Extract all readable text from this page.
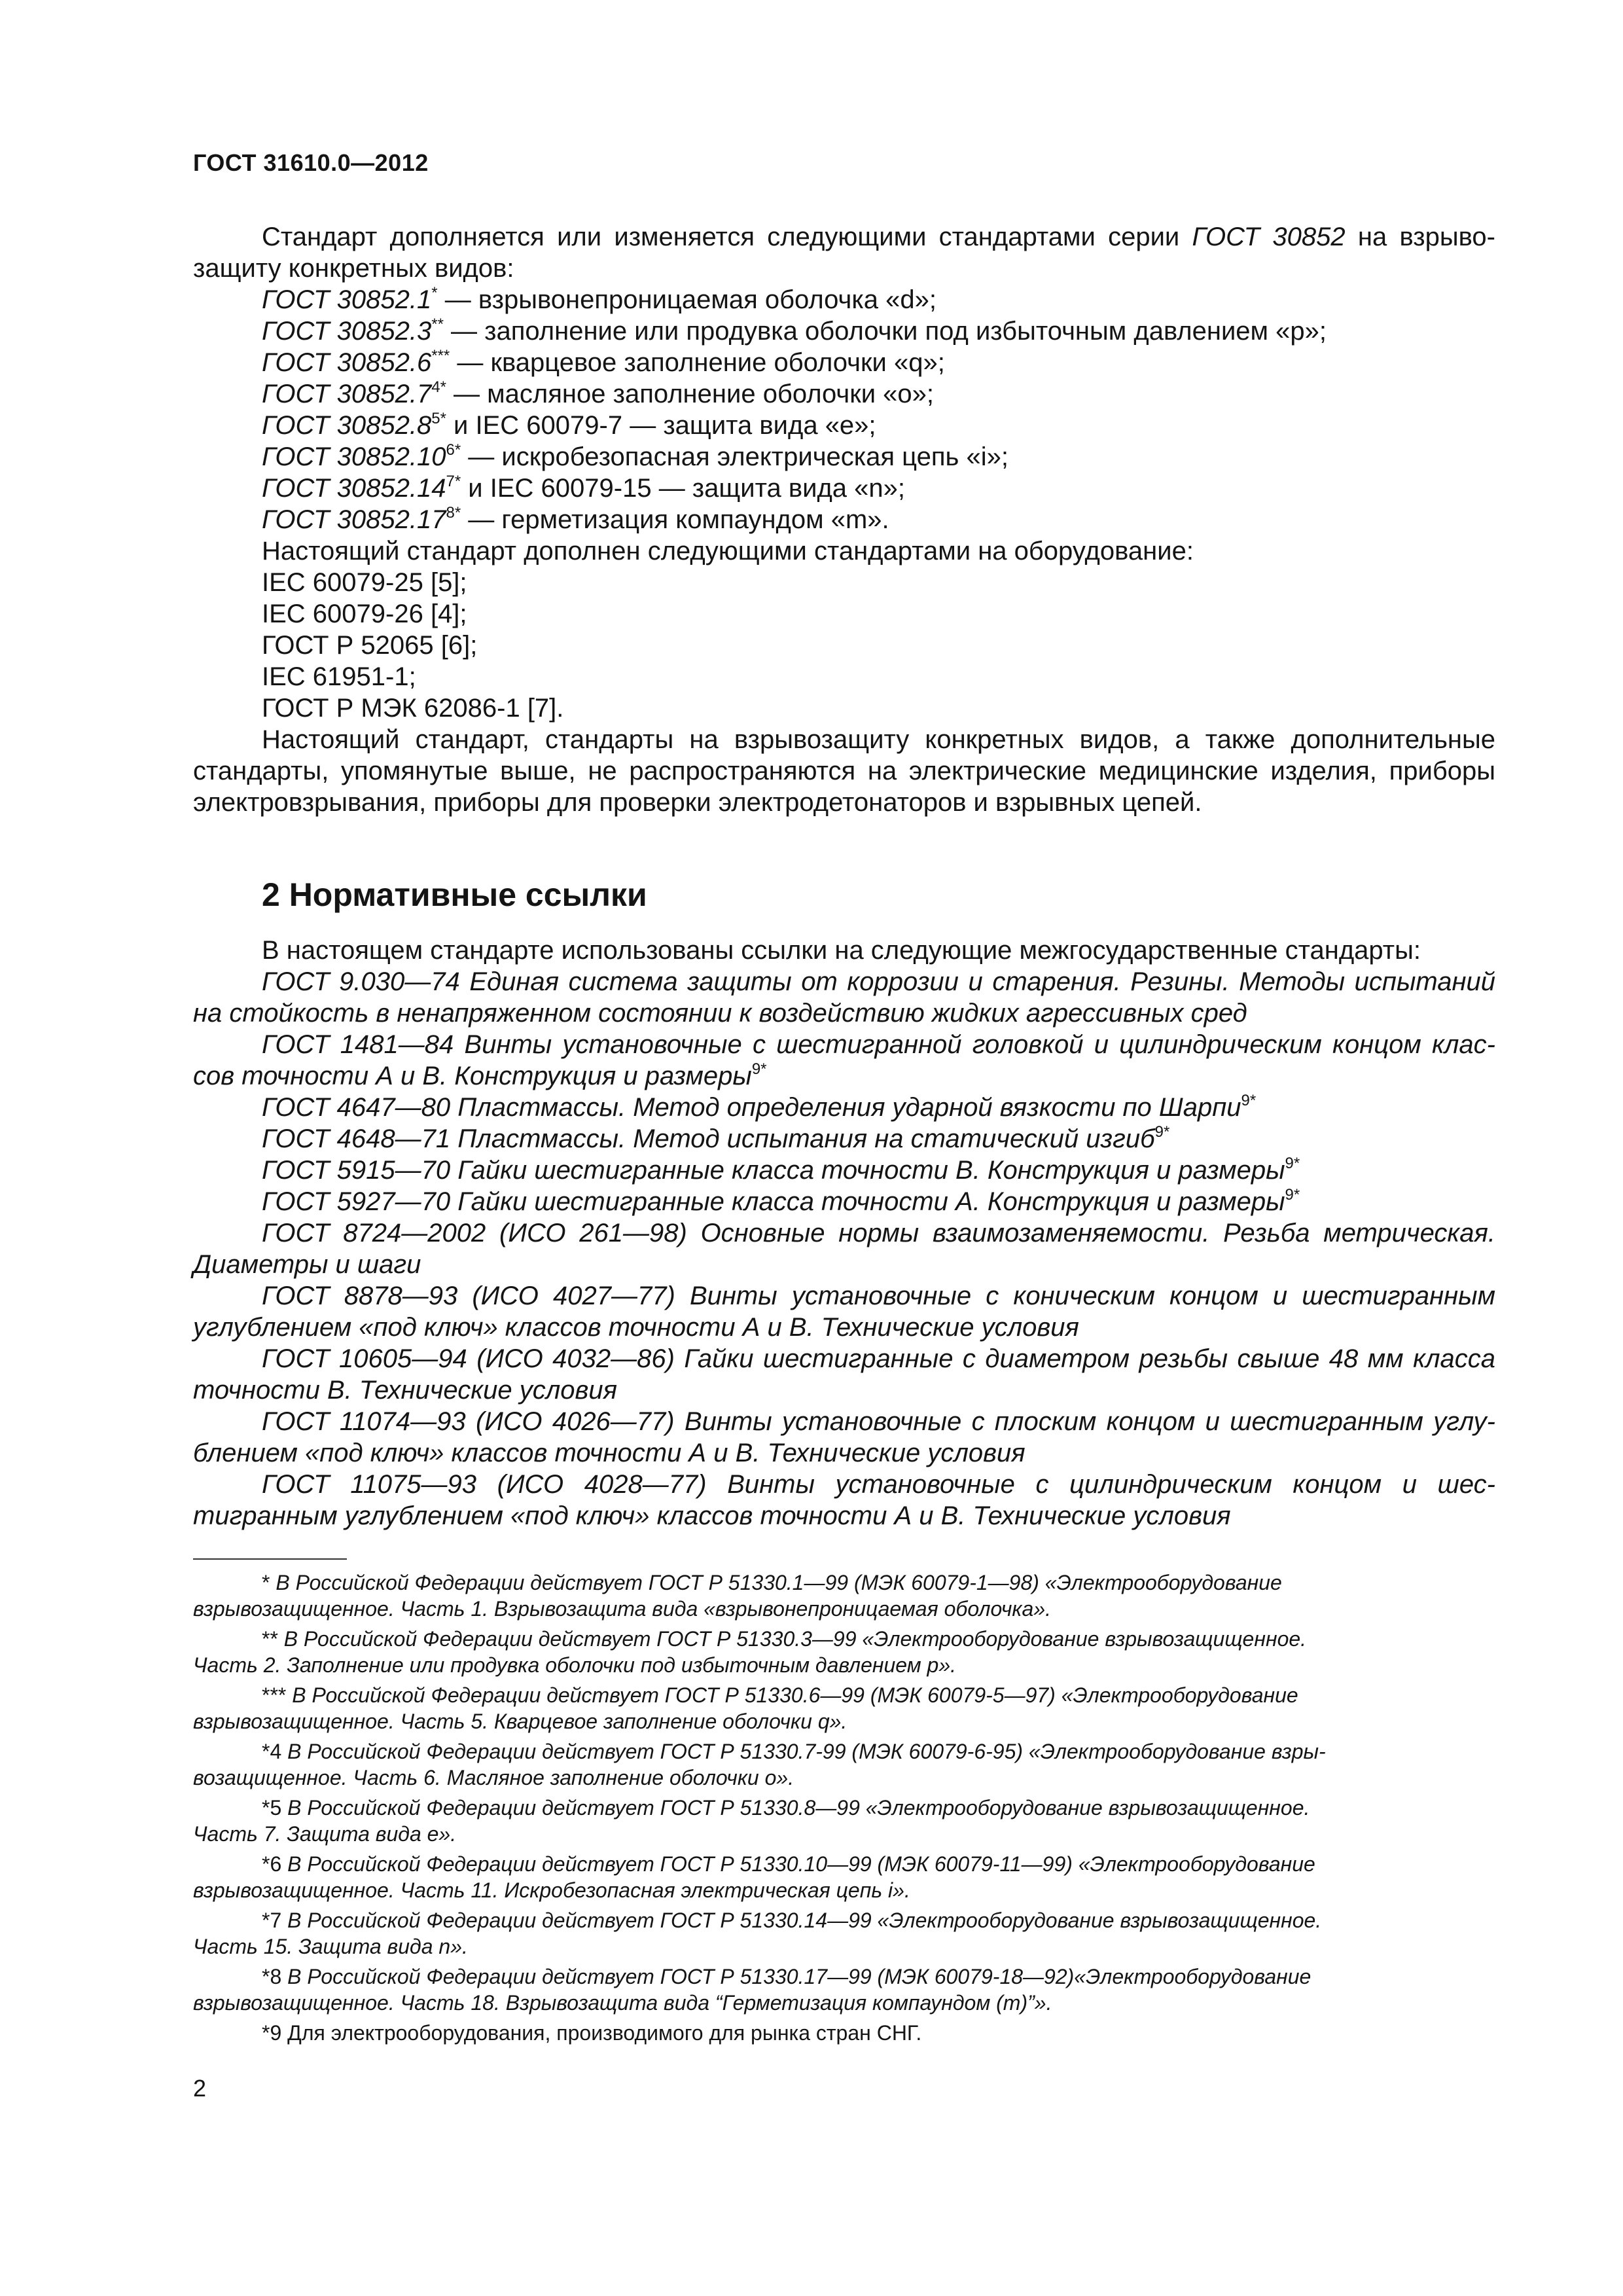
ГОСТ 31610.0—2012
Стандарт дополняется или изменяется следующими стандартами серии ГОСТ 30852 на взрыво-
защиту конкретных видов:
ГОСТ 30852.1* — взрывонепроницаемая оболочка «d»;
ГОСТ 30852.3** — заполнение или продувка оболочки под избыточным давлением «p»;
ГОСТ 30852.6*** — кварцевое заполнение оболочки «q»;
ГОСТ $30852.7^{4*}$ — масляное заполнение оболочки «o»;
ГОСТ $30852.8^{5*}$ и IEC 60079-7 — защита вида «e»;
ГОСТ $30852.10^{6*}$ — искробезопасная электрическая цепь «i»;
ГОСТ $30852.14^{7*}$ и IEC 60079-15 — защита вида «n»;
ГОСТ $30852.17^{8*}$ — герметизация компаундом «m».
Настоящий стандарт дополнен следующими стандартами на оборудование:
IEC 60079-25 [5];
IEC 60079-26 [4];
ГОСТ Р 52065 [6];
IEC 61951-1;
ГОСТ Р МЭК 62086-1 [7].
Настоящий стандарт, стандарты на взрывозащиту конкретных видов, а также дополнительные
стандарты, упомянутые выше, не распространяются на электрические медицинские изделия, приборы
электровзрывания, приборы для проверки электродетонаторов и взрывных цепей.
2 Нормативные ссылки
В настоящем стандарте использованы ссылки на следующие межгосударственные стандарты:
ГОСТ 9.030—74 Единая система защиты от коррозии и старения. Резины. Методы испытаний
на стойкость в ненапряженном состоянии к воздействию жидких агрессивных сред
ГОСТ 1481—84 Винты установочные с шестигранной головкой и цилиндрическим концом клас-
сов точности А и В. Конструкция и размеры$^{9*}$
ГОСТ 4647—80 Пластмассы. Метод определения ударной вязкости по Шарпи$^{9*}$
ГОСТ 4648—71 Пластмассы. Метод испытания на статический изгиб$^{9*}$
ГОСТ 5915—70 Гайки шестигранные класса точности В. Конструкция и размеры$^{9*}$
ГОСТ 5927—70 Гайки шестигранные класса точности А. Конструкция и размеры$^{9*}$
ГОСТ 8724—2002 (ИСО 261—98) Основные нормы взаимозаменяемости. Резьба метрическая.
Диаметры и шаги
ГОСТ 8878—93 (ИСО 4027—77) Винты установочные с коническим концом и шестигранным
углублением «под ключ» классов точности А и В. Технические условия
ГОСТ 10605—94 (ИСО 4032—86) Гайки шестигранные с диаметром резьбы свыше 48 мм класса
точности В. Технические условия
ГОСТ 11074—93 (ИСО 4026—77) Винты установочные с плоским концом и шестигранным углу-
блением «под ключ» классов точности А и В. Технические условия
ГОСТ 11075—93 (ИСО 4028—77) Винты установочные с цилиндрическим концом и шес-
тигранным углублением «под ключ» классов точности А и В. Технические условия
* В Российской Федерации действует ГОСТ Р 51330.1—99 (МЭК 60079-1—98) «Электрооборудование
взрывозащищенное. Часть 1. Взрывозащита вида «взрывонепроницаемая оболочка».
** В Российской Федерации действует ГОСТ Р 51330.3—99 «Электрооборудование взрывозащищенное.
Часть 2. Заполнение или продувка оболочки под избыточным давлением р».
*** В Российской Федерации действует ГОСТ Р 51330.6—99 (МЭК 60079-5—97) «Электрооборудование
взрывозащищенное. Часть 5. Кварцевое заполнение оболочки q».
*4 В Российской Федерации действует ГОСТ Р 51330.7-99 (МЭК 60079-6-95) «Электрооборудование взры-
возащищенное. Часть 6. Масляное заполнение оболочки о».
*5 В Российской Федерации действует ГОСТ Р 51330.8—99 «Электрооборудование взрывозащищенное.
Часть 7. Защита вида е».
*6 В Российской Федерации действует ГОСТ Р 51330.10—99 (МЭК 60079-11—99) «Электрооборудование
взрывозащищенное. Часть 11. Искробезопасная электрическая цепь i».
*7 В Российской Федерации действует ГОСТ Р 51330.14—99 «Электрооборудование взрывозащищенное.
Часть 15. Защита вида n».
*8 В Российской Федерации действует ГОСТ Р 51330.17—99 (МЭК 60079-18—92)«Электрооборудование
взрывозащищенное. Часть 18. Взрывозащита вида “Герметизация компаундом (m)”».
*9 Для электрооборудования, производимого для рынка стран СНГ.
2
